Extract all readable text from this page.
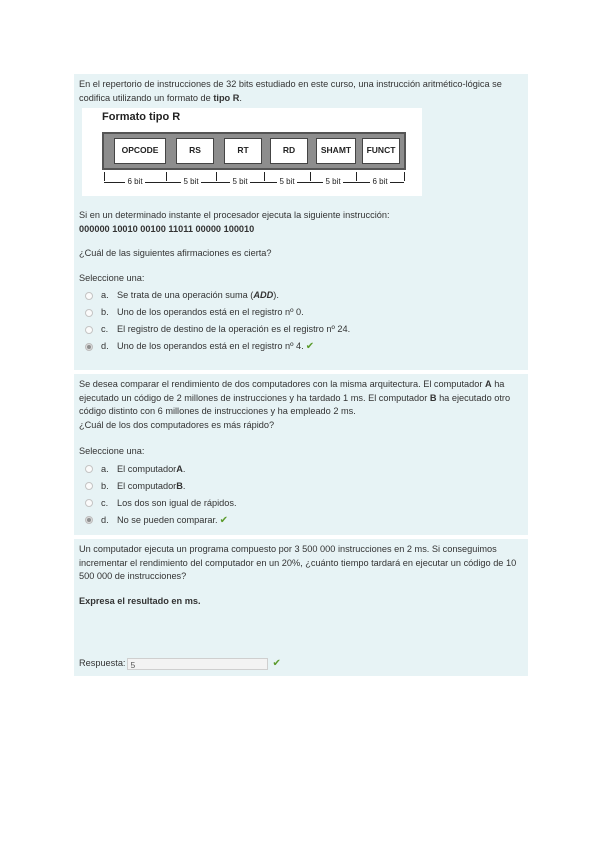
En el repertorio de instrucciones de 32 bits estudiado en este curso, una instrucción aritmético-lógica se codifica utilizando un formato de tipo R.

Formato tipo R
OPCODE	RS	RT	RD	SHAMT	FUNCT
6 bit	5 bit	5 bit	5 bit	5 bit	6 bit

Si en un determinado instante el procesador ejecuta la siguiente instrucción:

000000 10010 00100 11011 00000 100010

¿Cuál de las siguientes afirmaciones es cierta?

Seleccione una:

a. Se trata de una operación suma ( ADD ).
b. Uno de los operandos está en el registro nº 0.
c. El registro de destino de la operación es el registro nº 24.
d. Uno de los operandos está en el registro nº 4. ✔

Se desea comparar el rendimiento de dos computadores con la misma arquitectura. El computador A ha ejecutado un código de 2 millones de instrucciones y ha tardado 1 ms. El computador B ha ejecutado otro código distinto con 6 millones de instrucciones y ha empleado 2 ms.

¿Cuál de los dos computadores es más rápido?

Seleccione una:

a. El computador A .
b. El computador B .
c. Los dos son igual de rápidos.
d. No se pueden comparar. ✔

Un computador ejecuta un programa compuesto por 3 500 000 instrucciones en 2 ms. Si conseguimos incrementar el rendimiento del computador en un 20%, ¿cuánto tiempo tardará en ejecutar un código de 10 500 000 de instrucciones?

Expresa el resultado en ms.

Respuesta: 5	✔
